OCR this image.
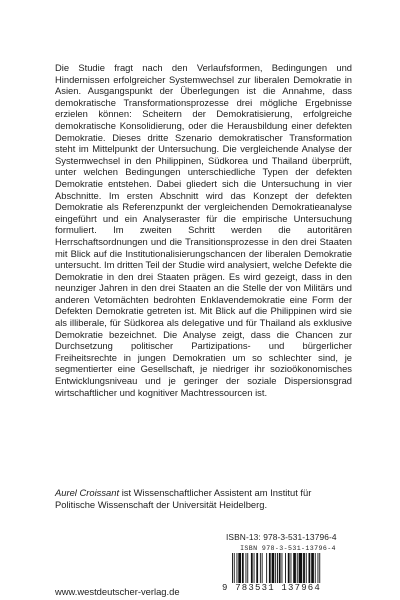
Die Studie fragt nach den Verlaufsformen, Bedingungen und Hindernissen erfolgreicher Systemwechsel zur liberalen Demokratie in Asien. Ausgangspunkt der Überlegungen ist die Annahme, dass demokratische Transformationsprozesse drei mögliche Ergebnisse erzielen können: Scheitern der Demokratisierung, erfolgreiche demokratische Konsolidierung, oder die Herausbildung einer defekten Demokratie. Dieses dritte Szenario demokratischer Transformation steht im Mittelpunkt der Untersuchung. Die vergleichende Analyse der Systemwechsel in den Philippinen, Südkorea und Thailand überprüft, unter welchen Bedingungen unterschiedliche Typen der defekten Demokratie entstehen. Dabei gliedert sich die Untersuchung in vier Abschnitte. Im ersten Abschnitt wird das Konzept der defekten Demokratie als Referenzpunkt der vergleichenden Demokratieanalyse eingeführt und ein Analyseraster für die empirische Untersuchung formuliert. Im zweiten Schritt werden die autoritären Herrschaftsordnungen und die Transitionsprozesse in den drei Staaten mit Blick auf die Institutionalisierungschancen der liberalen Demokratie untersucht. Im dritten Teil der Studie wird analysiert, welche Defekte die Demokratie in den drei Staaten prägen. Es wird gezeigt, dass in den neunziger Jahren in den drei Staaten an die Stelle der von Militärs und anderen Vetomächten bedrohten Enklavendemokratie eine Form der Defekten Demokratie getreten ist. Mit Blick auf die Philippinen wird sie als illiberale, für Südkorea als delegative und für Thailand als exklusive Demokratie bezeichnet. Die Analyse zeigt, dass die Chancen zur Durchsetzung politischer Partizipations- und bürgerlicher Freiheitsrechte in jungen Demokratien um so schlechter sind, je segmentierter eine Gesellschaft, je niedriger ihr sozioökonomisches Entwicklungsniveau und je geringer der soziale Dispersionsgrad wirtschaftlicher und kognitiver Machtressourcen ist.

Aurel Croissant ist Wissenschaftlicher Assistent am Institut für Politische Wissenschaft der Universität Heidelberg.
ISBN-13: 978-3-531-13796-4
ISBN 978-3-531-13796-4
9 783531 137964
www.westdeutscher-verlag.de
